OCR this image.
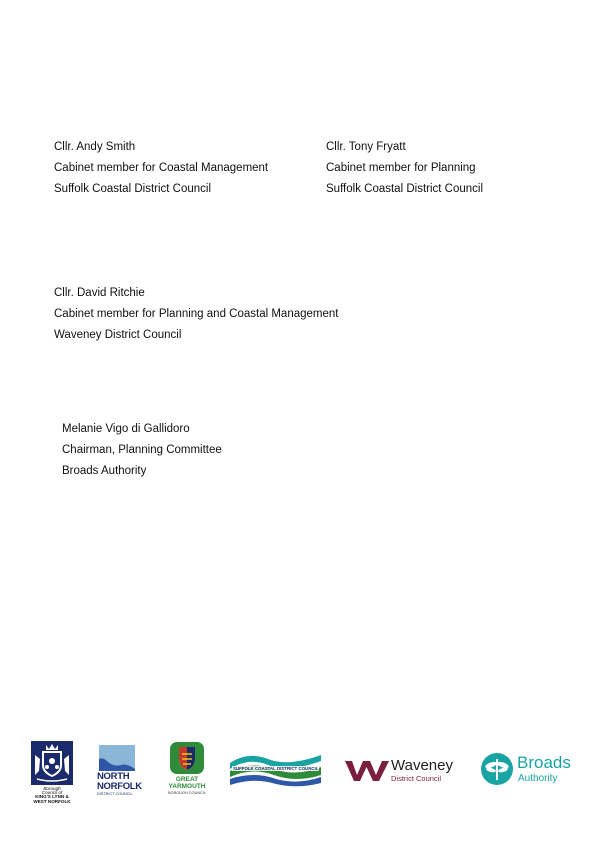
Cllr. Andy Smith
Cabinet member for Coastal Management
Suffolk Coastal District Council
Cllr. Tony Fryatt
Cabinet member for Planning
Suffolk Coastal District Council
Cllr. David Ritchie
Cabinet member for Planning and Coastal Management
Waveney District Council
Melanie Vigo di Gallidoro
Chairman, Planning Committee
Broads Authority
Borough
Council of
KING'S LYNN &
WEST NORFOLK
NORTH
NORFOLK
DISTRICT COUNCIL
GREAT
YARMOUTH
BOROUGH COUNCIL
SUFFOLK COASTAL DISTRICT COUNCIL	Waveney
District Council
Broads
Authority
